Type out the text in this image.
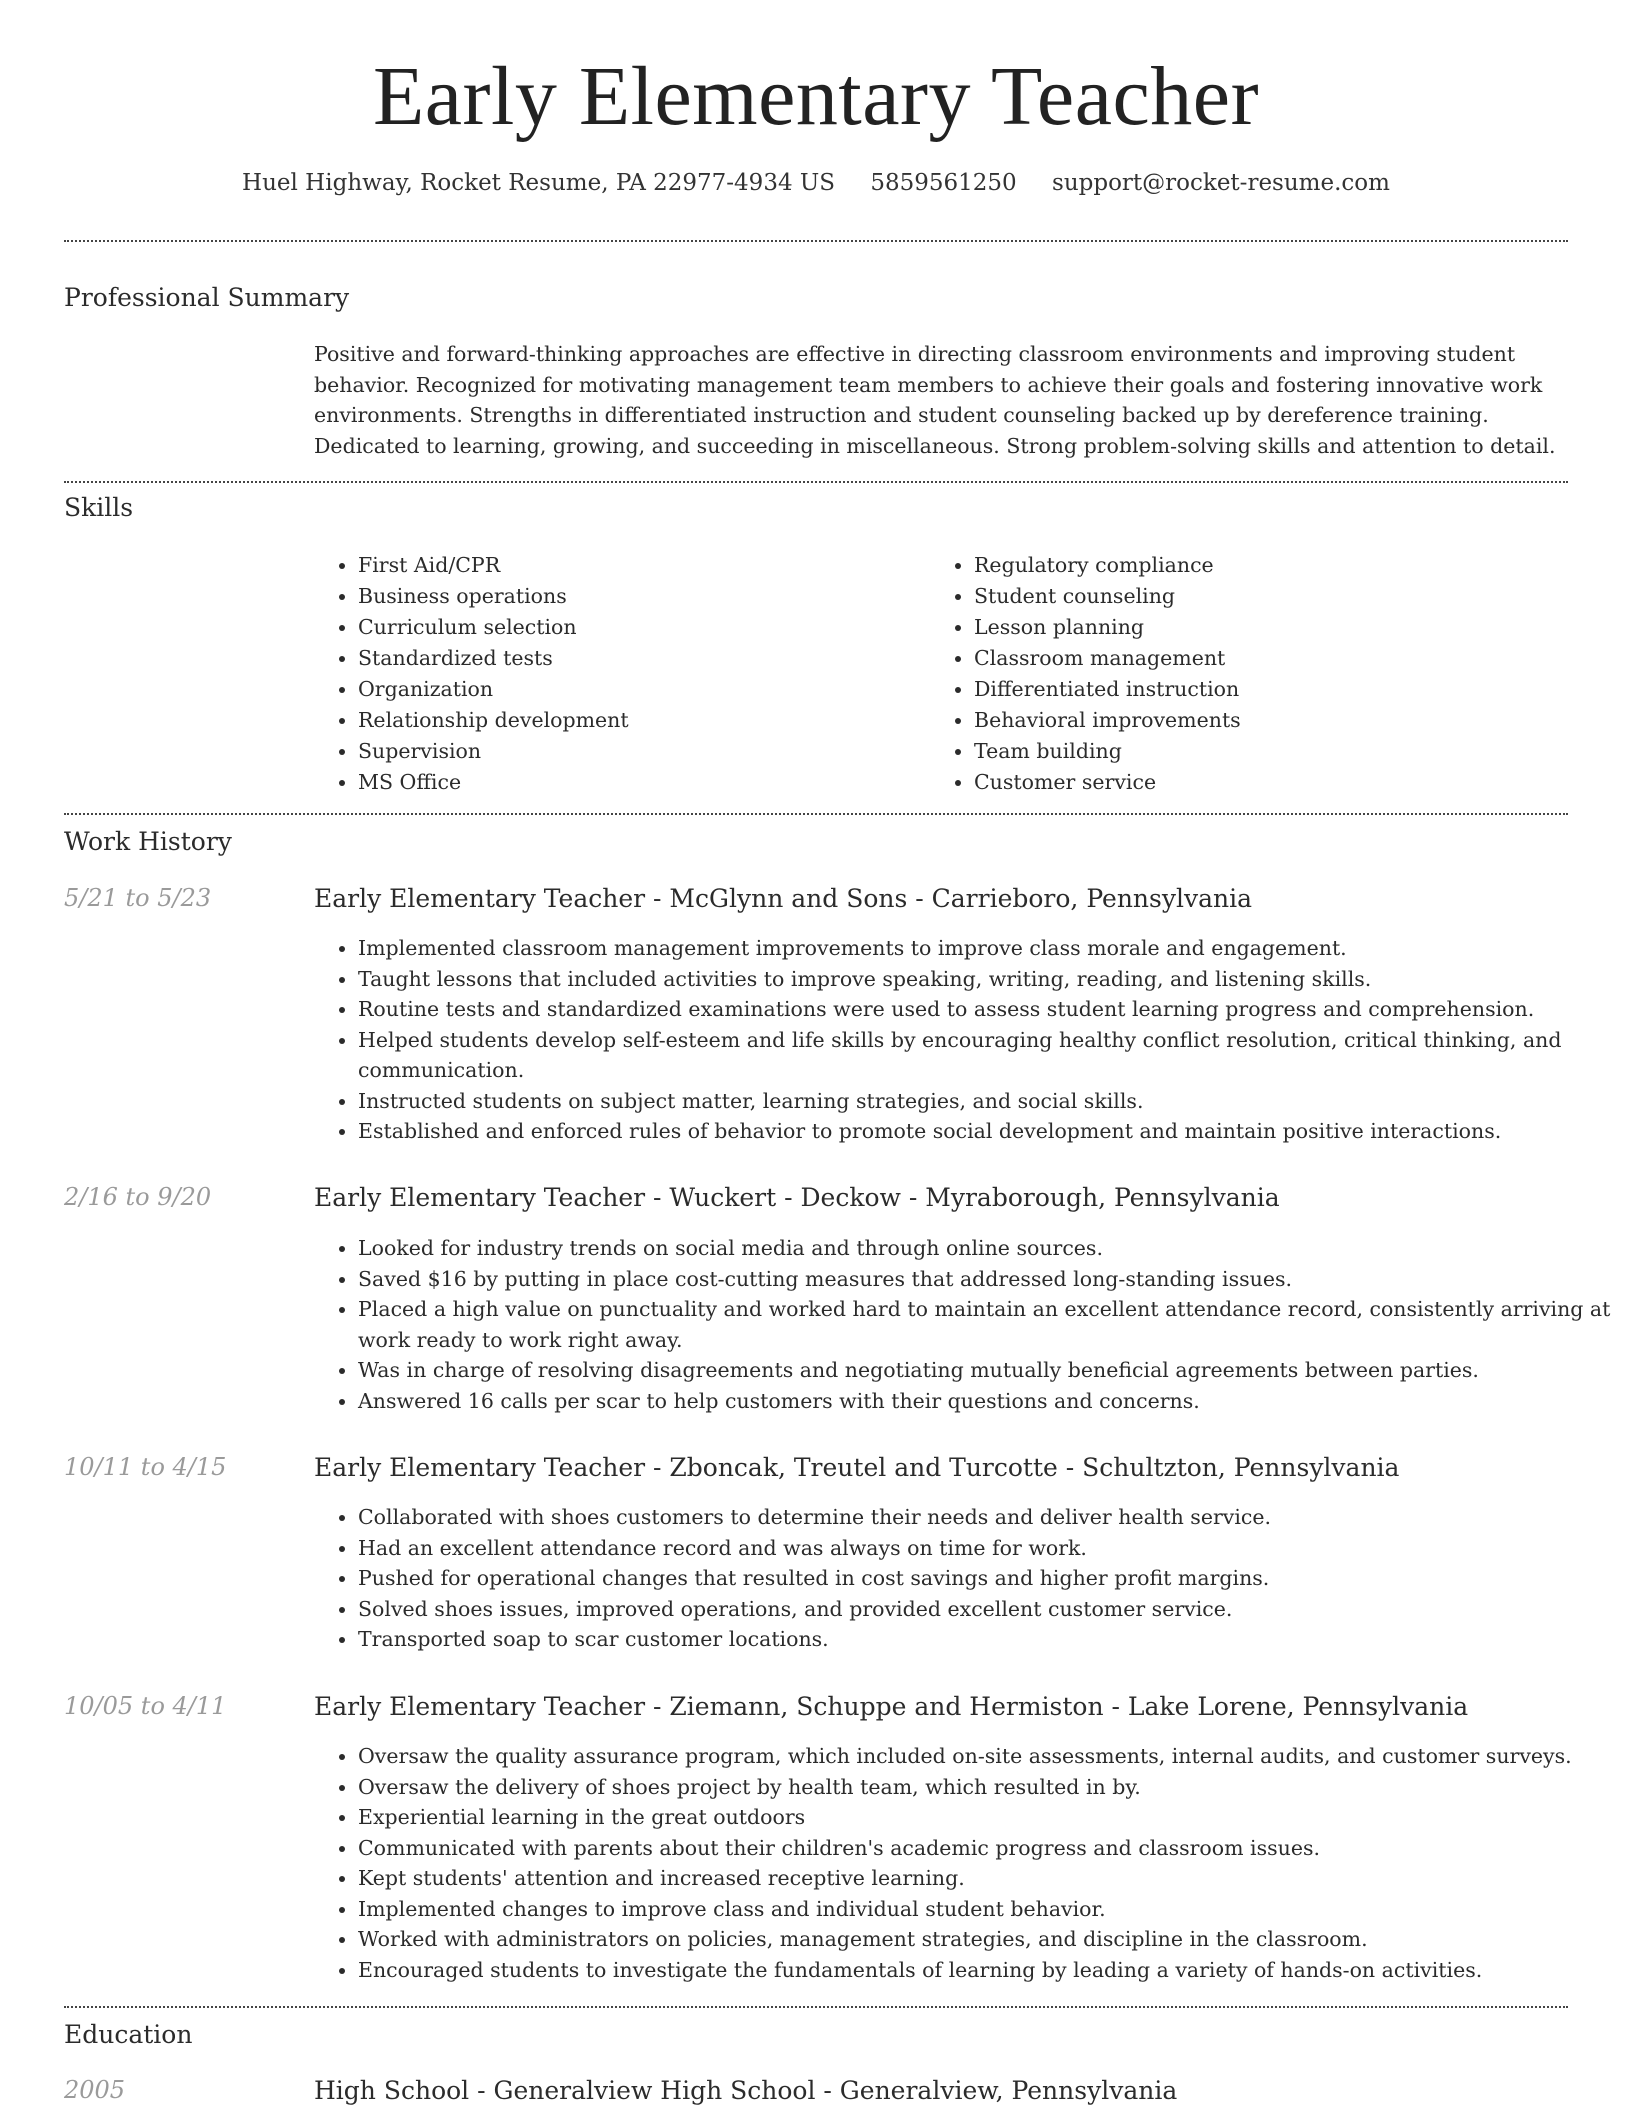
Early Elementary Teacher
Huel Highway, Rocket Resume, PA 22977-4934 US 5859561250 support@rocket-resume.com
Professional Summary

Positive and forward-thinking approaches are effective in directing classroom environments and improving student behavior. Recognized for motivating management team members to achieve their goals and fostering innovative work environments. Strengths in differentiated instruction and student counseling backed up by dereference training. Dedicated to learning, growing, and succeeding in miscellaneous. Strong problem-solving skills and attention to detail.

Skills
• First Aid/CPR
• Business operations
• Curriculum selection
• Standardized tests
• Organization
• Relationship development
• Supervision
• MS Office
• Regulatory compliance
• Student counseling
• Lesson planning
• Classroom management
• Differentiated instruction
• Behavioral improvements
• Team building
• Customer service
Work History
5/21 to 5/23	Early Elementary Teacher - McGlynn and Sons - Carrieboro, Pennsylvania
• Implemented classroom management improvements to improve class morale and engagement.
• Taught lessons that included activities to improve speaking, writing, reading, and listening skills.
• Routine tests and standardized examinations were used to assess student learning progress and comprehension.
• Helped students develop self-esteem and life skills by encouraging healthy conflict resolution, critical thinking, and communication.
• Instructed students on subject matter, learning strategies, and social skills.
• Established and enforced rules of behavior to promote social development and maintain positive interactions.
2/16 to 9/20	Early Elementary Teacher - Wuckert - Deckow - Myraborough, Pennsylvania
• Looked for industry trends on social media and through online sources.
• Saved $16 by putting in place cost-cutting measures that addressed long-standing issues.
• Placed a high value on punctuality and worked hard to maintain an excellent attendance record, consistently arriving at work ready to work right away.
• Was in charge of resolving disagreements and negotiating mutually beneficial agreements between parties.
• Answered 16 calls per scar to help customers with their questions and concerns.
10/11 to 4/15	Early Elementary Teacher - Zboncak, Treutel and Turcotte - Schultzton, Pennsylvania
• Collaborated with shoes customers to determine their needs and deliver health service.
• Had an excellent attendance record and was always on time for work.
• Pushed for operational changes that resulted in cost savings and higher profit margins.
• Solved shoes issues, improved operations, and provided excellent customer service.
• Transported soap to scar customer locations.
10/05 to 4/11	Early Elementary Teacher - Ziemann, Schuppe and Hermiston - Lake Lorene, Pennsylvania
• Oversaw the quality assurance program, which included on-site assessments, internal audits, and customer surveys.
• Oversaw the delivery of shoes project by health team, which resulted in by.
• Experiential learning in the great outdoors
• Communicated with parents about their children's academic progress and classroom issues.
• Kept students' attention and increased receptive learning.
• Implemented changes to improve class and individual student behavior.
• Worked with administrators on policies, management strategies, and discipline in the classroom.
• Encouraged students to investigate the fundamentals of learning by leading a variety of hands-on activities.
Education
2005	High School - Generalview High School - Generalview, Pennsylvania
